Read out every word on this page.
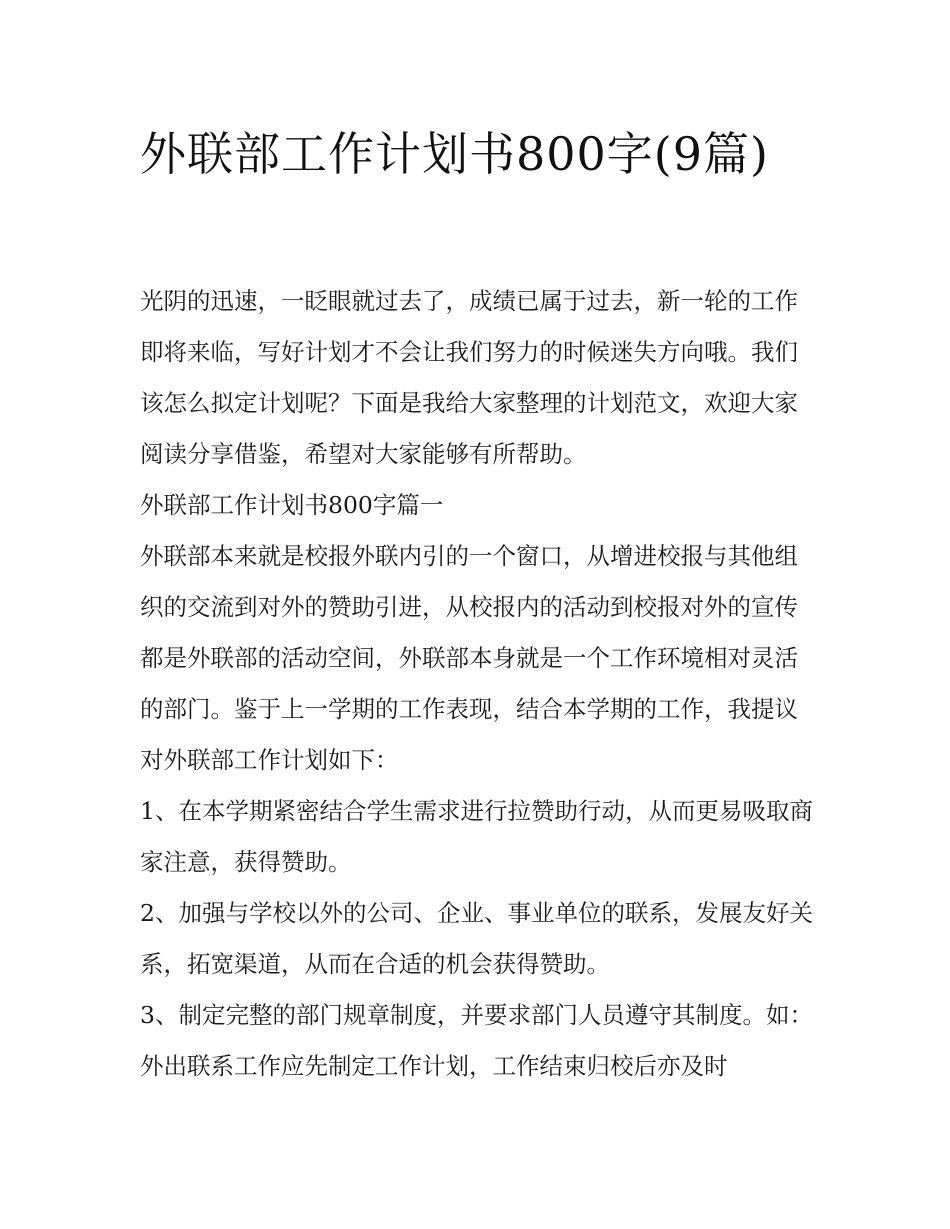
外联部工作计划书800字(9篇)

光阴的迅速，一眨眼就过去了，成绩已属于过去，新一轮的工作即将来临，写好计划才不会让我们努力的时候迷失方向哦。我们该怎么拟定计划呢？下面是我给大家整理的计划范文，欢迎大家阅读分享借鉴，希望对大家能够有所帮助。

外联部工作计划书800字篇一

外联部本来就是校报外联内引的一个窗口，从增进校报与其他组织的交流到对外的赞助引进，从校报内的活动到校报对外的宣传都是外联部的活动空间，外联部本身就是一个工作环境相对灵活的部门。鉴于上一学期的工作表现，结合本学期的工作，我提议对外联部工作计划如下：

1、在本学期紧密结合学生需求进行拉赞助行动，从而更易吸取商家注意，获得赞助。

2、加强与学校以外的公司、企业、事业单位的联系，发展友好关系，拓宽渠道，从而在合适的机会获得赞助。

3、制定完整的部门规章制度，并要求部门人员遵守其制度。如：外出联系工作应先制定工作计划，工作结束归校后亦及时
